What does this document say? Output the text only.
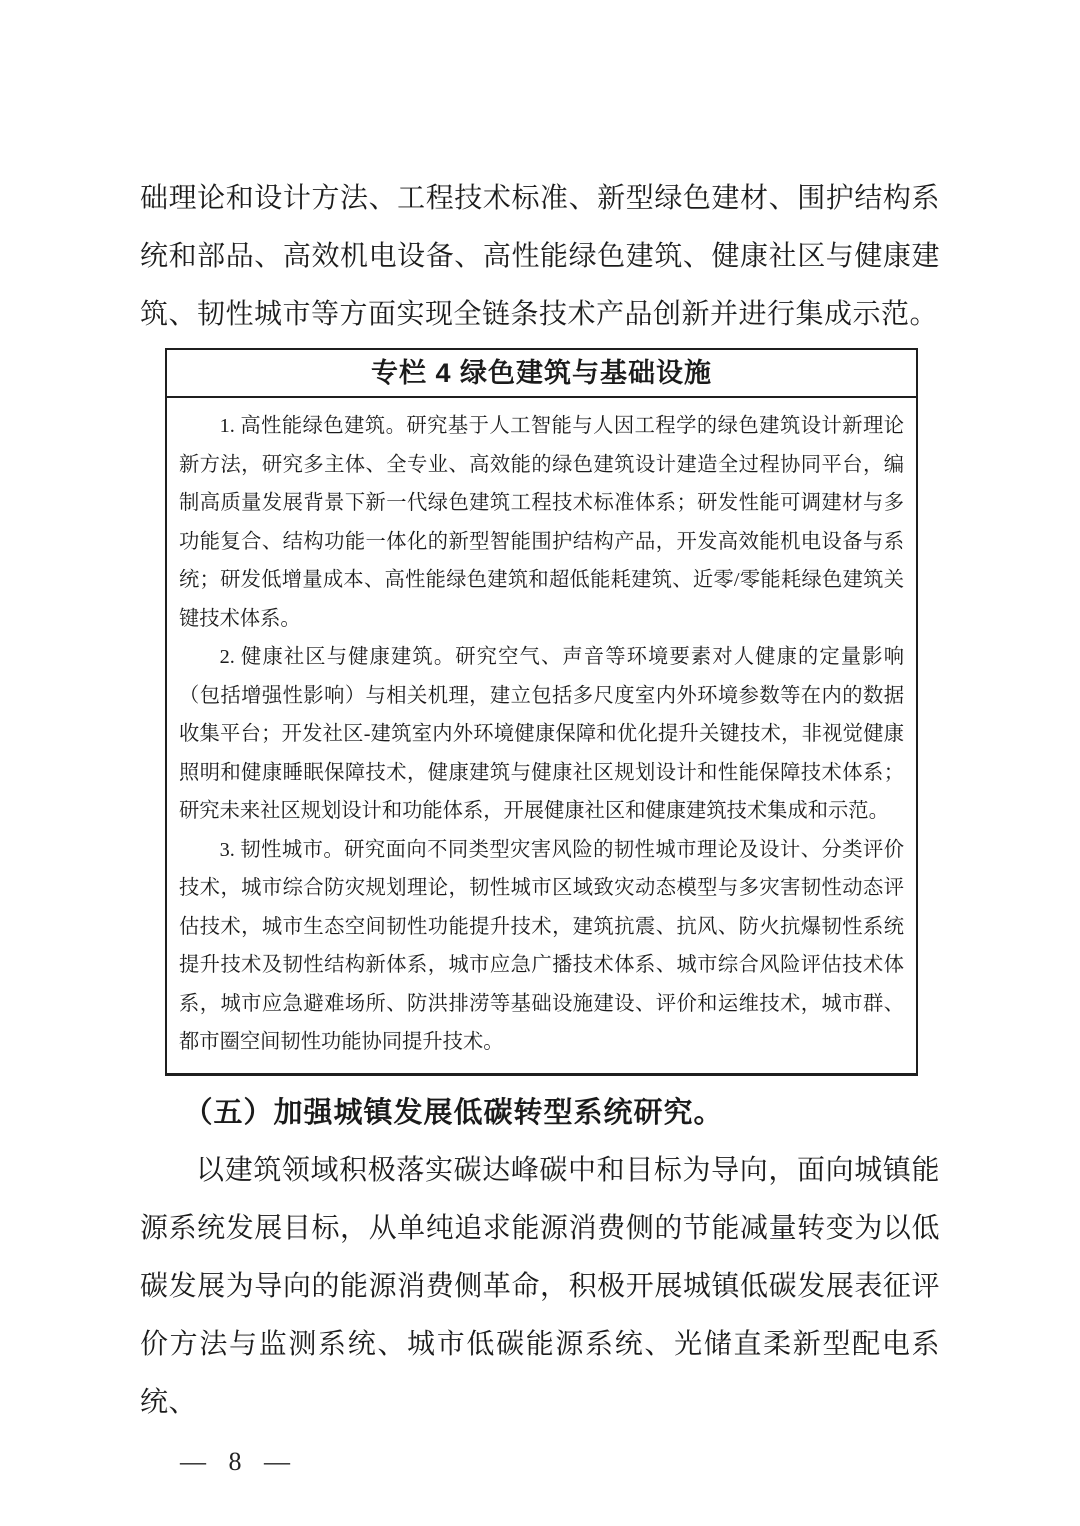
础理论和设计方法、工程技术标准、新型绿色建材、围护结构系统和部品、高效机电设备、高性能绿色建筑、健康社区与健康建筑、韧性城市等方面实现全链条技术产品创新并进行集成示范。

专栏 4 绿色建筑与基础设施

1. 高性能绿色建筑。研究基于人工智能与人因工程学的绿色建筑设计新理论新方法，研究多主体、全专业、高效能的绿色建筑设计建造全过程协同平台，编制高质量发展背景下新一代绿色建筑工程技术标准体系；研发性能可调建材与多功能复合、结构功能一体化的新型智能围护结构产品，开发高效能机电设备与系统；研发低增量成本、高性能绿色建筑和超低能耗建筑、近零/零能耗绿色建筑关键技术体系。

2. 健康社区与健康建筑。研究空气、声音等环境要素对人健康的定量影响（包括增强性影响）与相关机理，建立包括多尺度室内外环境参数等在内的数据收集平台；开发社区-建筑室内外环境健康保障和优化提升关键技术，非视觉健康照明和健康睡眠保障技术，健康建筑与健康社区规划设计和性能保障技术体系；研究未来社区规划设计和功能体系，开展健康社区和健康建筑技术集成和示范。

3. 韧性城市。研究面向不同类型灾害风险的韧性城市理论及设计、分类评价技术，城市综合防灾规划理论，韧性城市区域致灾动态模型与多灾害韧性动态评估技术，城市生态空间韧性功能提升技术，建筑抗震、抗风、防火抗爆韧性系统提升技术及韧性结构新体系，城市应急广播技术体系、城市综合风险评估技术体系，城市应急避难场所、防洪排涝等基础设施建设、评价和运维技术，城市群、都市圈空间韧性功能协同提升技术。

（五）加强城镇发展低碳转型系统研究。

以建筑领域积极落实碳达峰碳中和目标为导向，面向城镇能源系统发展目标，从单纯追求能源消费侧的节能减量转变为以低碳发展为导向的能源消费侧革命，积极开展城镇低碳发展表征评价方法与监测系统、城市低碳能源系统、光储直柔新型配电系统、

— 8 —
